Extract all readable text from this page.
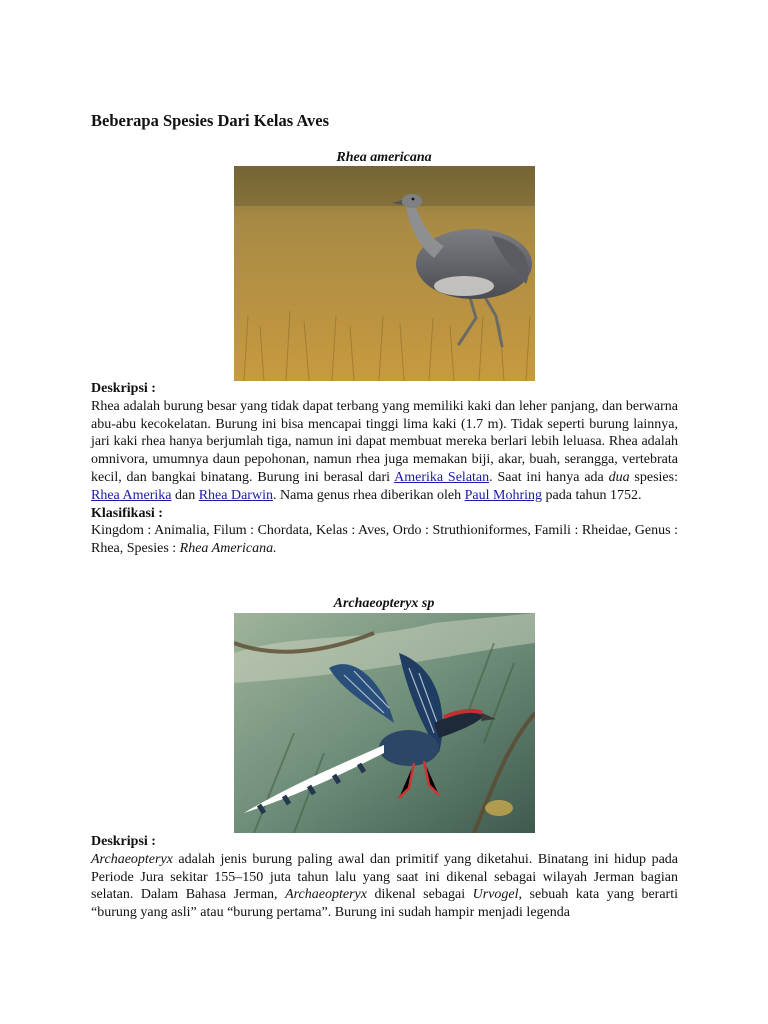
Beberapa Spesies Dari Kelas Aves
Rhea americana

Deskripsi :

Rhea adalah burung besar yang tidak dapat terbang yang memiliki kaki dan leher panjang, dan berwarna abu-abu kecokelatan. Burung ini bisa mencapai tinggi lima kaki (1.7 m). Tidak seperti burung lainnya, jari kaki rhea hanya berjumlah tiga, namun ini dapat membuat mereka berlari lebih leluasa. Rhea adalah omnivora, umumnya daun pepohonan, namun rhea juga memakan biji, akar, buah, serangga, vertebrata kecil, dan bangkai binatang. Burung ini berasal dari Amerika Selatan. Saat ini hanya ada dua spesies: Rhea Amerika dan Rhea Darwin. Nama genus rhea diberikan oleh Paul Mohring pada tahun 1752.

Klasifikasi :

Kingdom : Animalia, Filum : Chordata, Kelas : Aves, Ordo : Struthioniformes, Famili : Rheidae, Genus : Rhea, Spesies : Rhea Americana.

Archaeopteryx sp

Deskripsi :

Archaeopteryx adalah jenis burung paling awal dan primitif yang diketahui. Binatang ini hidup pada Periode Jura sekitar 155–150 juta tahun lalu yang saat ini dikenal sebagai wilayah Jerman bagian selatan. Dalam Bahasa Jerman, Archaeopteryx dikenal sebagai Urvogel, sebuah kata yang berarti “burung yang asli” atau “burung pertama”. Burung ini sudah hampir menjadi legenda
